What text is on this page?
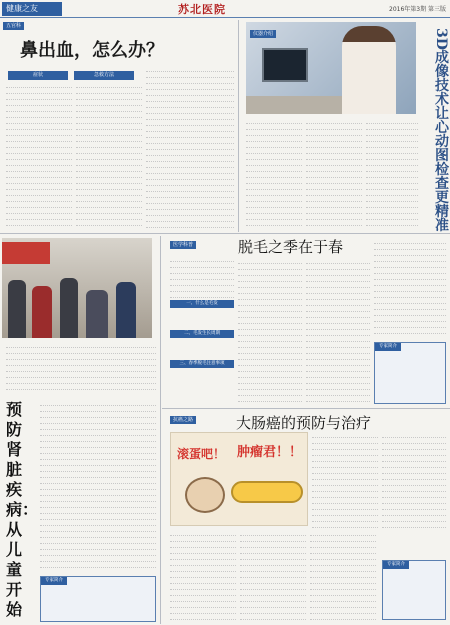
健康之友	苏北医院	2016年第3期 第三版
五官科
鼻出血，怎么办？
症状	急救方法
仪器介绍	3D成像技术让心动图检查更精准
预防肾脏疾病：从儿童开始
专家简介
医学科普	脱毛之季在于春
一、什么是毛发
二、毛发生长周期
三、春季脱毛注意事项
专家简介
抗癌之路	大肠癌的预防与治疗
滚蛋吧！ 肿瘤君！！
专家简介
